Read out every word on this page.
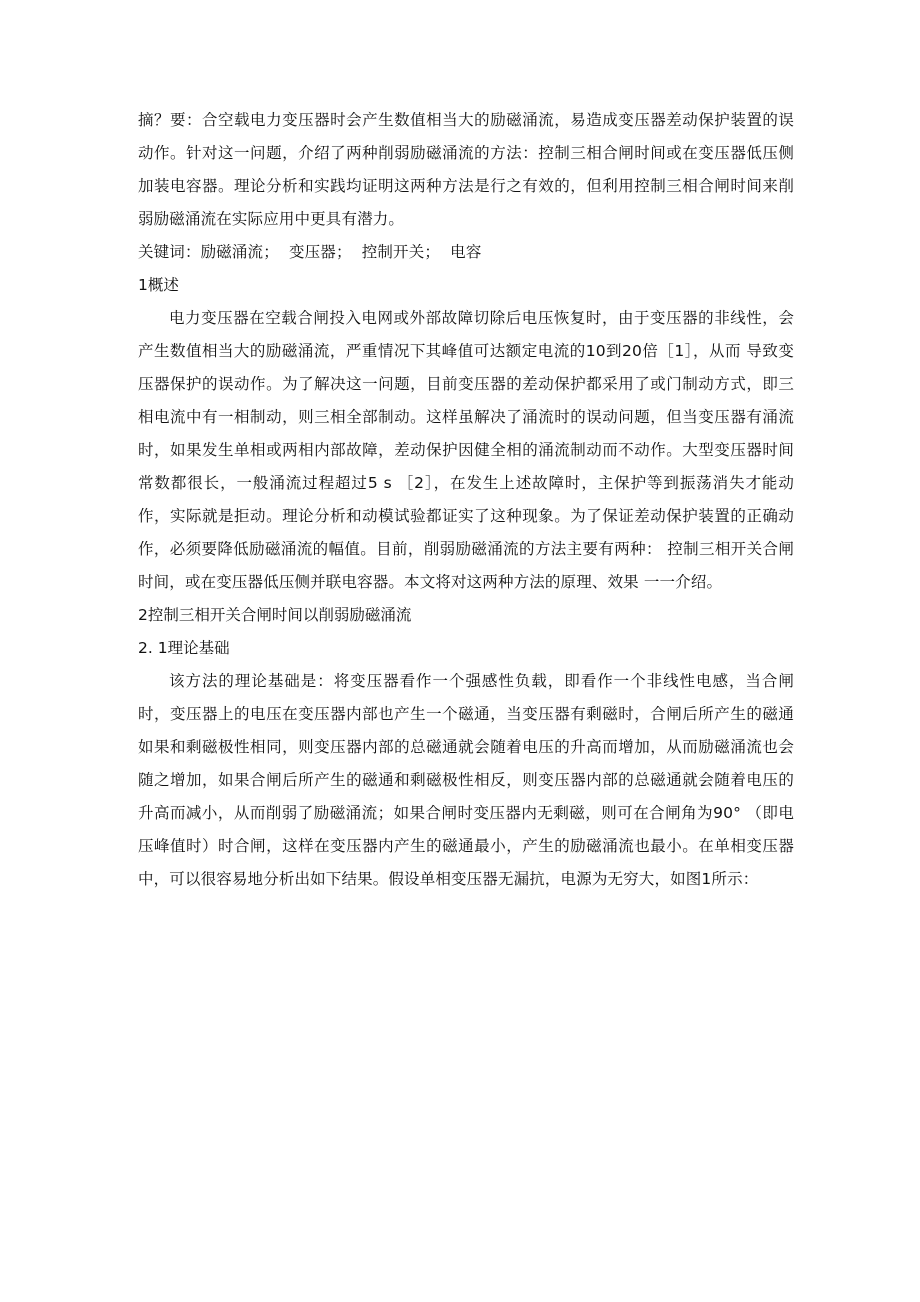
摘？要：合空载电力变压器时会产生数值相当大的励磁涌流，易造成变压器差动保护装置的误动作。针对这一问题，介绍了两种削弱励磁涌流的方法：控制三相合闸时间或在变压器低压侧加装电容器。理论分析和实践均证明这两种方法是行之有效的，但利用控制三相合闸时间来削弱励磁涌流在实际应用中更具有潜力。

关键词：励磁涌流；  变压器；  控制开关；  电容

1概述

电力变压器在空载合闸投入电网或外部故障切除后电压恢复时，由于变压器的非线性，会产生数值相当大的励磁涌流，严重情况下其峰值可达额定电流的10到20倍［1］，从而 导致变压器保护的误动作。为了解决这一问题，目前变压器的差动保护都采用了或门制动方式，即三相电流中有一相制动，则三相全部制动。这样虽解决了涌流时的误动问题，但当变压器有涌流时，如果发生单相或两相内部故障，差动保护因健全相的涌流制动而不动作。大型变压器时间常数都很长，一般涌流过程超过5 s ［2］，在发生上述故障时，主保护等到振荡消失才能动作，实际就是拒动。理论分析和动模试验都证实了这种现象。为了保证差动保护装置的正确动作，必须要降低励磁涌流的幅值。目前，削弱励磁涌流的方法主要有两种： 控制三相开关合闸时间，或在变压器低压侧并联电容器。本文将对这两种方法的原理、效果 一一介绍。

2控制三相开关合闸时间以削弱励磁涌流

2. 1理论基础

该方法的理论基础是：将变压器看作一个强感性负载，即看作一个非线性电感，当合闸时，变压器上的电压在变压器内部也产生一个磁通，当变压器有剩磁时，合闸后所产生的磁通如果和剩磁极性相同，则变压器内部的总磁通就会随着电压的升高而增加，从而励磁涌流也会随之增加，如果合闸后所产生的磁通和剩磁极性相反，则变压器内部的总磁通就会随着电压的升高而减小，从而削弱了励磁涌流；如果合闸时变压器内无剩磁，则可在合闸角为90° （即电压峰值时）时合闸，这样在变压器内产生的磁通最小，产生的励磁涌流也最小。在单相变压器中，可以很容易地分析出如下结果。假设单相变压器无漏抗，电源为无穷大，如图1所示：
